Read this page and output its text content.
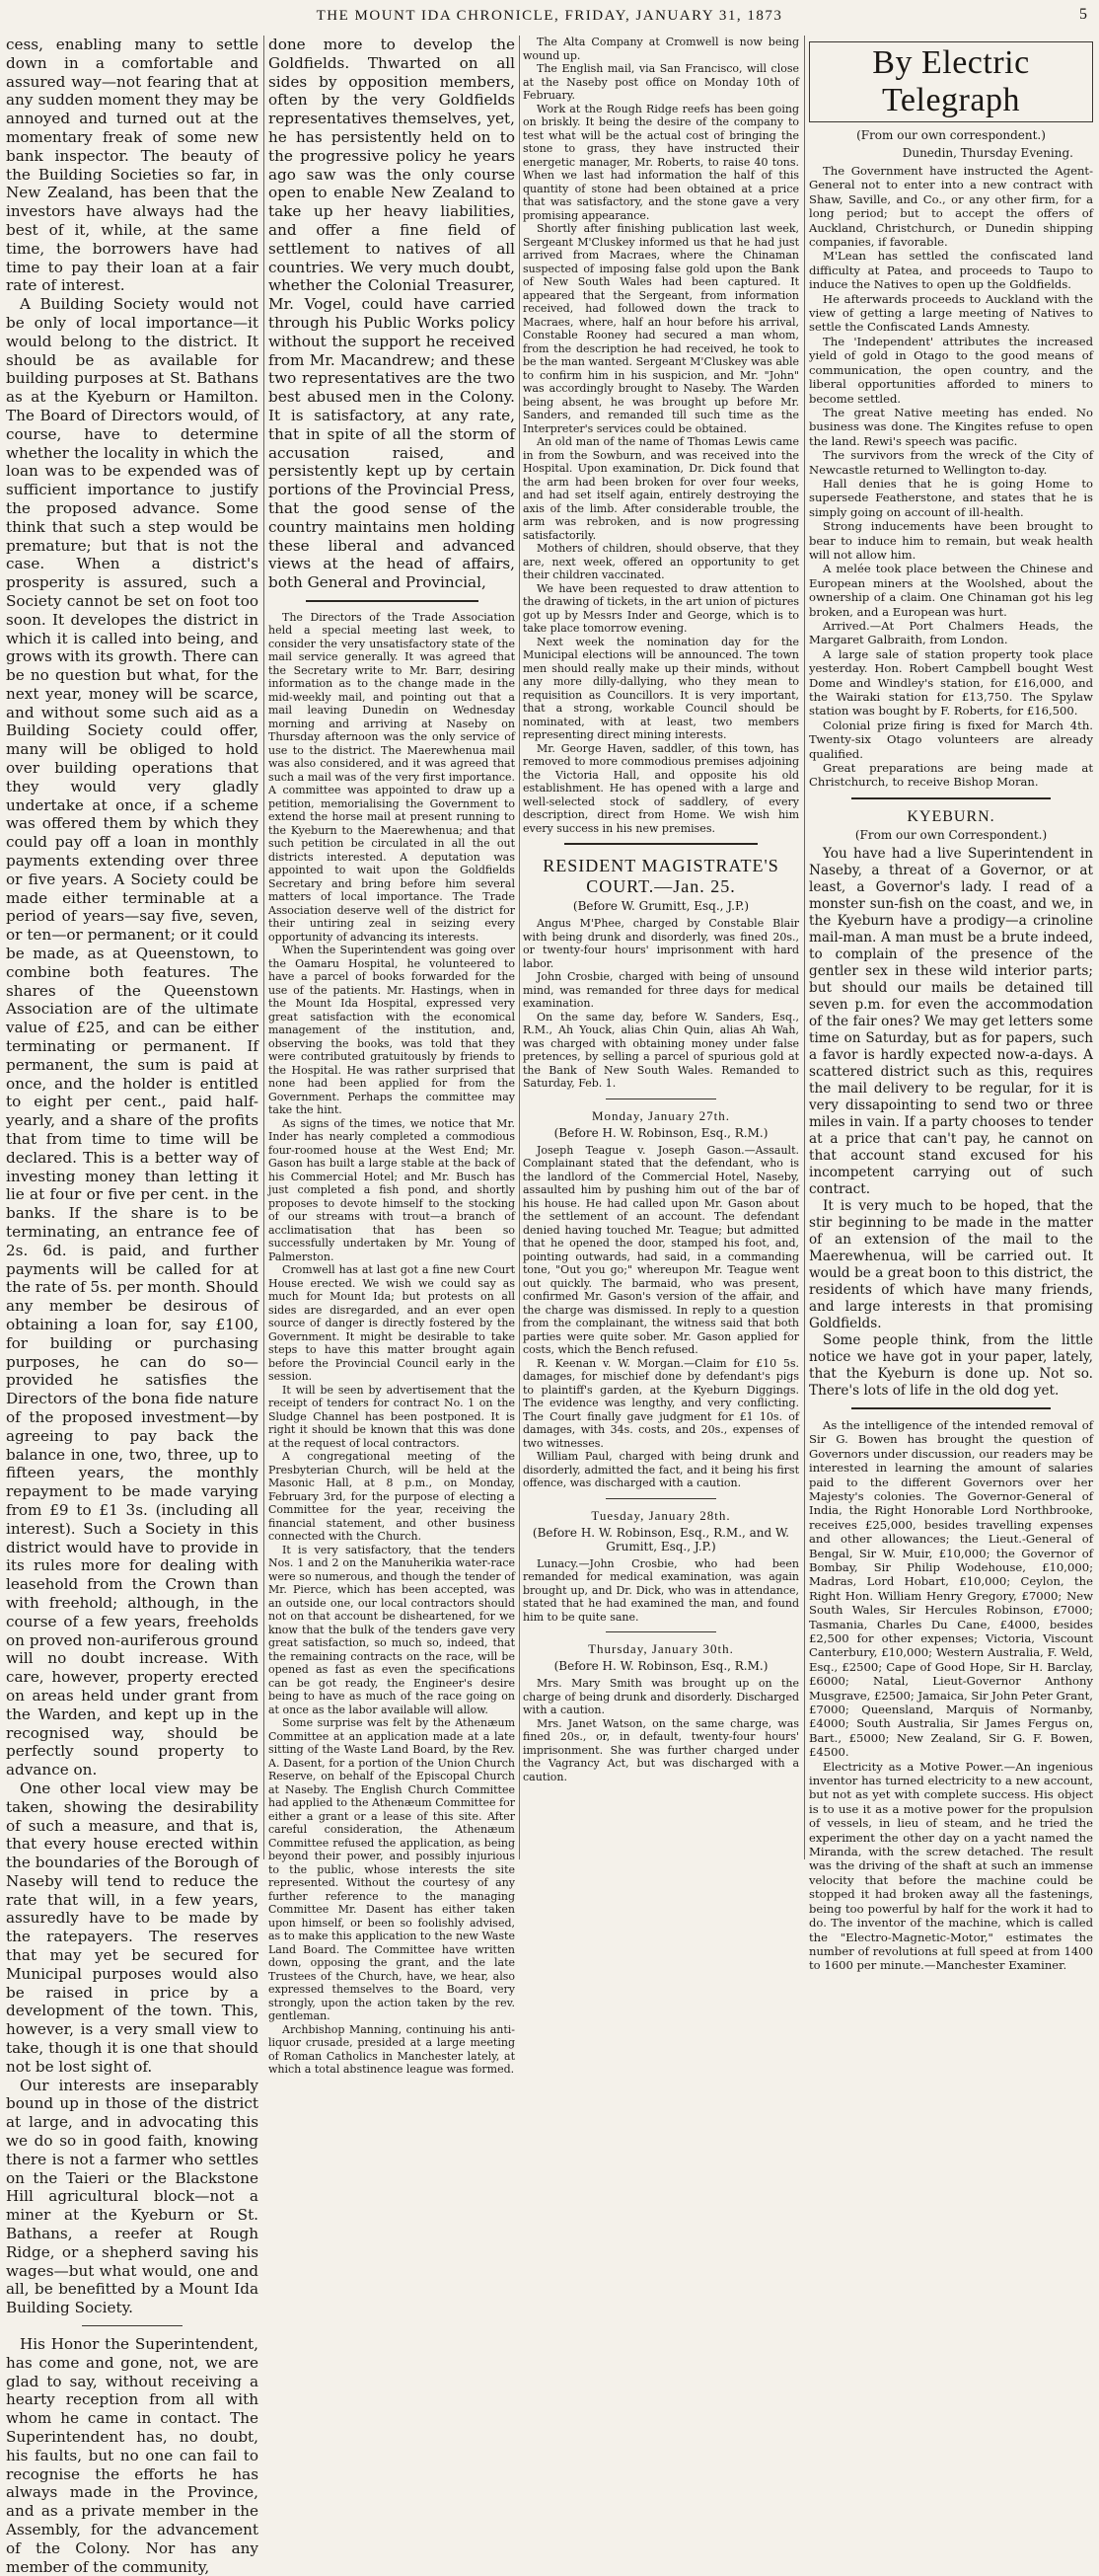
THE MOUNT IDA CHRONICLE, FRIDAY, JANUARY 31, 1873	5

cess, enabling many to settle down in a comfortable and assured way—not fearing that at any sudden moment they may be annoyed and turned out at the momentary freak of some new bank inspector. The beauty of the Building Societies so far, in New Zealand, has been that the investors have always had the best of it, while, at the same time, the borrowers have had time to pay their loan at a fair rate of interest.

A Building Society would not be only of local importance—it would belong to the district. It should be as available for building purposes at St. Bathans as at the Kyeburn or Hamilton. The Board of Directors would, of course, have to determine whether the locality in which the loan was to be expended was of sufficient importance to justify the proposed advance. Some think that such a step would be premature; but that is not the case. When a district's prosperity is assured, such a Society cannot be set on foot too soon. It developes the district in which it is called into being, and grows with its growth. There can be no question but what, for the next year, money will be scarce, and without some such aid as a Building Society could offer, many will be obliged to hold over building operations that they would very gladly undertake at once, if a scheme was offered them by which they could pay off a loan in monthly payments extending over three or five years. A Society could be made either terminable at a period of years—say five, seven, or ten—or permanent; or it could be made, as at Queenstown, to combine both features. The shares of the Queenstown Association are of the ultimate value of £25, and can be either terminating or permanent. If permanent, the sum is paid at once, and the holder is entitled to eight per cent., paid half-yearly, and a share of the profits that from time to time will be declared. This is a better way of investing money than letting it lie at four or five per cent. in the banks. If the share is to be terminating, an entrance fee of 2s. 6d. is paid, and further payments will be called for at the rate of 5s. per month. Should any member be desirous of obtaining a loan for, say £100, for building or purchasing purposes, he can do so—provided he satisfies the Directors of the bona fide nature of the proposed investment—by agreeing to pay back the balance in one, two, three, up to fifteen years, the monthly repayment to be made varying from £9 to £1 3s. (including all interest). Such a Society in this district would have to provide in its rules more for dealing with leasehold from the Crown than with freehold; although, in the course of a few years, freeholds on proved non-auriferous ground will no doubt increase. With care, however, property erected on areas held under grant from the Warden, and kept up in the recognised way, should be perfectly sound property to advance on.

One other local view may be taken, showing the desirability of such a measure, and that is, that every house erected within the boundaries of the Borough of Naseby will tend to reduce the rate that will, in a few years, assuredly have to be made by the ratepayers. The reserves that may yet be secured for Municipal purposes would also be raised in price by a development of the town. This, however, is a very small view to take, though it is one that should not be lost sight of.

Our interests are inseparably bound up in those of the district at large, and in advocating this we do so in good faith, knowing there is not a farmer who settles on the Taieri or the Blackstone Hill agricultural block—not a miner at the Kyeburn or St. Bathans, a reefer at Rough Ridge, or a shepherd saving his wages—but what would, one and all, be benefitted by a Mount Ida Building Society.

His Honor the Superintendent, has come and gone, not, we are glad to say, without receiving a hearty reception from all with whom he came in contact. The Superintendent has, no doubt, his faults, but no one can fail to recognise the efforts he has always made in the Province, and as a private member in the Assembly, for the advancement of the Colony. Nor has any member of the community,

done more to develop the Goldfields. Thwarted on all sides by opposition members, often by the very Goldfields representatives themselves, yet, he has persistently held on to the progressive policy he years ago saw was the only course open to enable New Zealand to take up her heavy liabilities, and offer a fine field of settlement to natives of all countries. We very much doubt, whether the Colonial Treasurer, Mr. Vogel, could have carried through his Public Works policy without the support he received from Mr. Macandrew; and these two representatives are the two best abused men in the Colony. It is satisfactory, at any rate, that in spite of all the storm of accusation raised, and persistently kept up by certain portions of the Provincial Press, that the good sense of the country maintains men holding these liberal and advanced views at the head of affairs, both General and Provincial,

The Directors of the Trade Association held a special meeting last week, to consider the very unsatisfactory state of the mail service generally. It was agreed that the Secretary write to Mr. Barr, desiring information as to the change made in the mid-weekly mail, and pointing out that a mail leaving Dunedin on Wednesday morning and arriving at Naseby on Thursday afternoon was the only service of use to the district. The Maerewhenua mail was also considered, and it was agreed that such a mail was of the very first importance. A committee was appointed to draw up a petition, memorialising the Government to extend the horse mail at present running to the Kyeburn to the Maerewhenua; and that such petition be circulated in all the out districts interested. A deputation was appointed to wait upon the Goldfields Secretary and bring before him several matters of local importance. The Trade Association deserve well of the district for their untiring zeal in seizing every opportunity of advancing its interests.

When the Superintendent was going over the Oamaru Hospital, he volunteered to have a parcel of books forwarded for the use of the patients. Mr. Hastings, when in the Mount Ida Hospital, expressed very great satisfaction with the economical management of the institution, and, observing the books, was told that they were contributed gratuitously by friends to the Hospital. He was rather surprised that none had been applied for from the Government. Perhaps the committee may take the hint.

As signs of the times, we notice that Mr. Inder has nearly completed a commodious four-roomed house at the West End; Mr. Gason has built a large stable at the back of his Commercial Hotel; and Mr. Busch has just completed a fish pond, and shortly proposes to devote himself to the stocking of our streams with trout—a branch of acclimatisation that has been so successfully undertaken by Mr. Young of Palmerston.

Cromwell has at last got a fine new Court House erected. We wish we could say as much for Mount Ida; but protests on all sides are disregarded, and an ever open source of danger is directly fostered by the Government. It might be desirable to take steps to have this matter brought again before the Provincial Council early in the session.

It will be seen by advertisement that the receipt of tenders for contract No. 1 on the Sludge Channel has been postponed. It is right it should be known that this was done at the request of local contractors.

A congregational meeting of the Presbyterian Church, will be held at the Masonic Hall, at 8 p.m., on Monday, February 3rd, for the purpose of electing a Committee for the year, receiving the financial statement, and other business connected with the Church.

It is very satisfactory, that the tenders Nos. 1 and 2 on the Manuherikia water-race were so numerous, and though the tender of Mr. Pierce, which has been accepted, was an outside one, our local contractors should not on that account be disheartened, for we know that the bulk of the tenders gave very great satisfaction, so much so, indeed, that the remaining contracts on the race, will be opened as fast as even the specifications can be got ready, the Engineer's desire being to have as much of the race going on at once as the labor available will allow.

Some surprise was felt by the Athenæum Committee at an application made at a late sitting of the Waste Land Board, by the Rev. A. Dasent, for a portion of the Union Church Reserve, on behalf of the Episcopal Church at Naseby. The English Church Committee had applied to the Athenæum Committee for either a grant or a lease of this site. After careful consideration, the Athenæum Committee refused the application, as being beyond their power, and possibly injurious to the public, whose interests the site represented. Without the courtesy of any further reference to the managing Committee Mr. Dasent has either taken upon himself, or been so foolishly advised, as to make this application to the new Waste Land Board. The Committee have written down, opposing the grant, and the late Trustees of the Church, have, we hear, also expressed themselves to the Board, very strongly, upon the action taken by the rev. gentleman.

Archbishop Manning, continuing his anti-liquor crusade, presided at a large meeting of Roman Catholics in Manchester lately, at which a total abstinence league was formed.

The Alta Company at Cromwell is now being wound up.

The English mail, via San Francisco, will close at the Naseby post office on Monday 10th of February.

Work at the Rough Ridge reefs has been going on briskly. It being the desire of the company to test what will be the actual cost of bringing the stone to grass, they have instructed their energetic manager, Mr. Roberts, to raise 40 tons. When we last had information the half of this quantity of stone had been obtained at a price that was satisfactory, and the stone gave a very promising appearance.

Shortly after finishing publication last week, Sergeant M'Cluskey informed us that he had just arrived from Macraes, where the Chinaman suspected of imposing false gold upon the Bank of New South Wales had been captured. It appeared that the Sergeant, from information received, had followed down the track to Macraes, where, half an hour before his arrival, Constable Rooney had secured a man whom, from the description he had received, he took to be the man wanted. Sergeant M'Cluskey was able to confirm him in his suspicion, and Mr. "John" was accordingly brought to Naseby. The Warden being absent, he was brought up before Mr. Sanders, and remanded till such time as the Interpreter's services could be obtained.

An old man of the name of Thomas Lewis came in from the Sowburn, and was received into the Hospital. Upon examination, Dr. Dick found that the arm had been broken for over four weeks, and had set itself again, entirely destroying the axis of the limb. After considerable trouble, the arm was rebroken, and is now progressing satisfactorily.

Mothers of children, should observe, that they are, next week, offered an opportunity to get their children vaccinated.

We have been requested to draw attention to the drawing of tickets, in the art union of pictures got up by Messrs Inder and George, which is to take place tomorrow evening.

Next week the nomination day for the Municipal elections will be announced. The town men should really make up their minds, without any more dilly-dallying, who they mean to requisition as Councillors. It is very important, that a strong, workable Council should be nominated, with at least, two members representing direct mining interests.

Mr. George Haven, saddler, of this town, has removed to more commodious premises adjoining the Victoria Hall, and opposite his old establishment. He has opened with a large and well-selected stock of saddlery, of every description, direct from Home. We wish him every success in his new premises.

RESIDENT MAGISTRATE'S COURT.—Jan. 25.
(Before W. Grumitt, Esq., J.P.)

Angus M'Phee, charged by Constable Blair with being drunk and disorderly, was fined 20s., or twenty-four hours' imprisonment with hard labor.

John Crosbie, charged with being of unsound mind, was remanded for three days for medical examination.

On the same day, before W. Sanders, Esq., R.M., Ah Youck, alias Chin Quin, alias Ah Wah, was charged with obtaining money under false pretences, by selling a parcel of spurious gold at the Bank of New South Wales. Remanded to Saturday, Feb. 1.

Monday, January 27th.
(Before H. W. Robinson, Esq., R.M.)

Joseph Teague v. Joseph Gason.—Assault. Complainant stated that the defendant, who is the landlord of the Commercial Hotel, Naseby, assaulted him by pushing him out of the bar of his house. He had called upon Mr. Gason about the settlement of an account. The defendant denied having touched Mr. Teague; but admitted that he opened the door, stamped his foot, and, pointing outwards, had said, in a commanding tone, "Out you go;" whereupon Mr. Teague went out quickly. The barmaid, who was present, confirmed Mr. Gason's version of the affair, and the charge was dismissed. In reply to a question from the complainant, the witness said that both parties were quite sober. Mr. Gason applied for costs, which the Bench refused.

R. Keenan v. W. Morgan.—Claim for £10 5s. damages, for mischief done by defendant's pigs to plaintiff's garden, at the Kyeburn Diggings. The evidence was lengthy, and very conflicting. The Court finally gave judgment for £1 10s. of damages, with 34s. costs, and 20s., expenses of two witnesses.

William Paul, charged with being drunk and disorderly, admitted the fact, and it being his first offence, was discharged with a caution.

Tuesday, January 28th.
(Before H. W. Robinson, Esq., R.M., and W. Grumitt, Esq., J.P.)

Lunacy.—John Crosbie, who had been remanded for medical examination, was again brought up, and Dr. Dick, who was in attendance, stated that he had examined the man, and found him to be quite sane.

Thursday, January 30th.
(Before H. W. Robinson, Esq., R.M.)

Mrs. Mary Smith was brought up on the charge of being drunk and disorderly. Discharged with a caution.

Mrs. Janet Watson, on the same charge, was fined 20s., or, in default, twenty-four hours' imprisonment. She was further charged under the Vagrancy Act, but was discharged with a caution.

By Electric Telegraph
(From our own correspondent.)
Dunedin, Thursday Evening.

The Government have instructed the Agent-General not to enter into a new contract with Shaw, Saville, and Co., or any other firm, for a long period; but to accept the offers of Auckland, Christchurch, or Dunedin shipping companies, if favorable.

M'Lean has settled the confiscated land difficulty at Patea, and proceeds to Taupo to induce the Natives to open up the Goldfields.

He afterwards proceeds to Auckland with the view of getting a large meeting of Natives to settle the Confiscated Lands Amnesty.

The 'Independent' attributes the increased yield of gold in Otago to the good means of communication, the open country, and the liberal opportunities afforded to miners to become settled.

The great Native meeting has ended. No business was done. The Kingites refuse to open the land. Rewi's speech was pacific.

The survivors from the wreck of the City of Newcastle returned to Wellington to-day.

Hall denies that he is going Home to supersede Featherstone, and states that he is simply going on account of ill-health.

Strong inducements have been brought to bear to induce him to remain, but weak health will not allow him.

A melée took place between the Chinese and European miners at the Woolshed, about the ownership of a claim. One Chinaman got his leg broken, and a European was hurt.

Arrived.—At Port Chalmers Heads, the Margaret Galbraith, from London.

A large sale of station property took place yesterday. Hon. Robert Campbell bought West Dome and Windley's station, for £16,000, and the Wairaki station for £13,750. The Spylaw station was bought by F. Roberts, for £16,500.

Colonial prize firing is fixed for March 4th. Twenty-six Otago volunteers are already qualified.

Great preparations are being made at Christchurch, to receive Bishop Moran.

KYEBURN.
(From our own Correspondent.)

You have had a live Superintendent in Naseby, a threat of a Governor, or at least, a Governor's lady. I read of a monster sun-fish on the coast, and we, in the Kyeburn have a prodigy—a crinoline mail-man. A man must be a brute indeed, to complain of the presence of the gentler sex in these wild interior parts; but should our mails be detained till seven p.m. for even the accommodation of the fair ones? We may get letters some time on Saturday, but as for papers, such a favor is hardly expected now-a-days. A scattered district such as this, requires the mail delivery to be regular, for it is very dissapointing to send two or three miles in vain. If a party chooses to tender at a price that can't pay, he cannot on that account stand excused for his incompetent carrying out of such contract.

It is very much to be hoped, that the stir beginning to be made in the matter of an extension of the mail to the Maerewhenua, will be carried out. It would be a great boon to this district, the residents of which have many friends, and large interests in that promising Goldfields.

Some people think, from the little notice we have got in your paper, lately, that the Kyeburn is done up. Not so. There's lots of life in the old dog yet.

As the intelligence of the intended removal of Sir G. Bowen has brought the question of Governors under discussion, our readers may be interested in learning the amount of salaries paid to the different Governors over her Majesty's colonies. The Governor-General of India, the Right Honorable Lord Northbrooke, receives £25,000, besides travelling expenses and other allowances; the Lieut.-General of Bengal, Sir W. Muir, £10,000; the Governor of Bombay, Sir Philip Wodehouse, £10,000; Madras, Lord Hobart, £10,000; Ceylon, the Right Hon. William Henry Gregory, £7000; New South Wales, Sir Hercules Robinson, £7000; Tasmania, Charles Du Cane, £4000, besides £2,500 for other expenses; Victoria, Viscount Canterbury, £10,000; Western Australia, F. Weld, Esq., £2500; Cape of Good Hope, Sir H. Barclay, £6000; Natal, Lieut-Governor Anthony Musgrave, £2500; Jamaica, Sir John Peter Grant, £7000; Queensland, Marquis of Normanby, £4000; South Australia, Sir James Fergus on, Bart., £5000; New Zealand, Sir G. F. Bowen, £4500.

Electricity as a Motive Power.—An ingenious inventor has turned electricity to a new account, but not as yet with complete success. His object is to use it as a motive power for the propulsion of vessels, in lieu of steam, and he tried the experiment the other day on a yacht named the Miranda, with the screw detached. The result was the driving of the shaft at such an immense velocity that before the machine could be stopped it had broken away all the fastenings, being too powerful by half for the work it had to do. The inventor of the machine, which is called the "Electro-Magnetic-Motor," estimates the number of revolutions at full speed at from 1400 to 1600 per minute.—Manchester Examiner.
